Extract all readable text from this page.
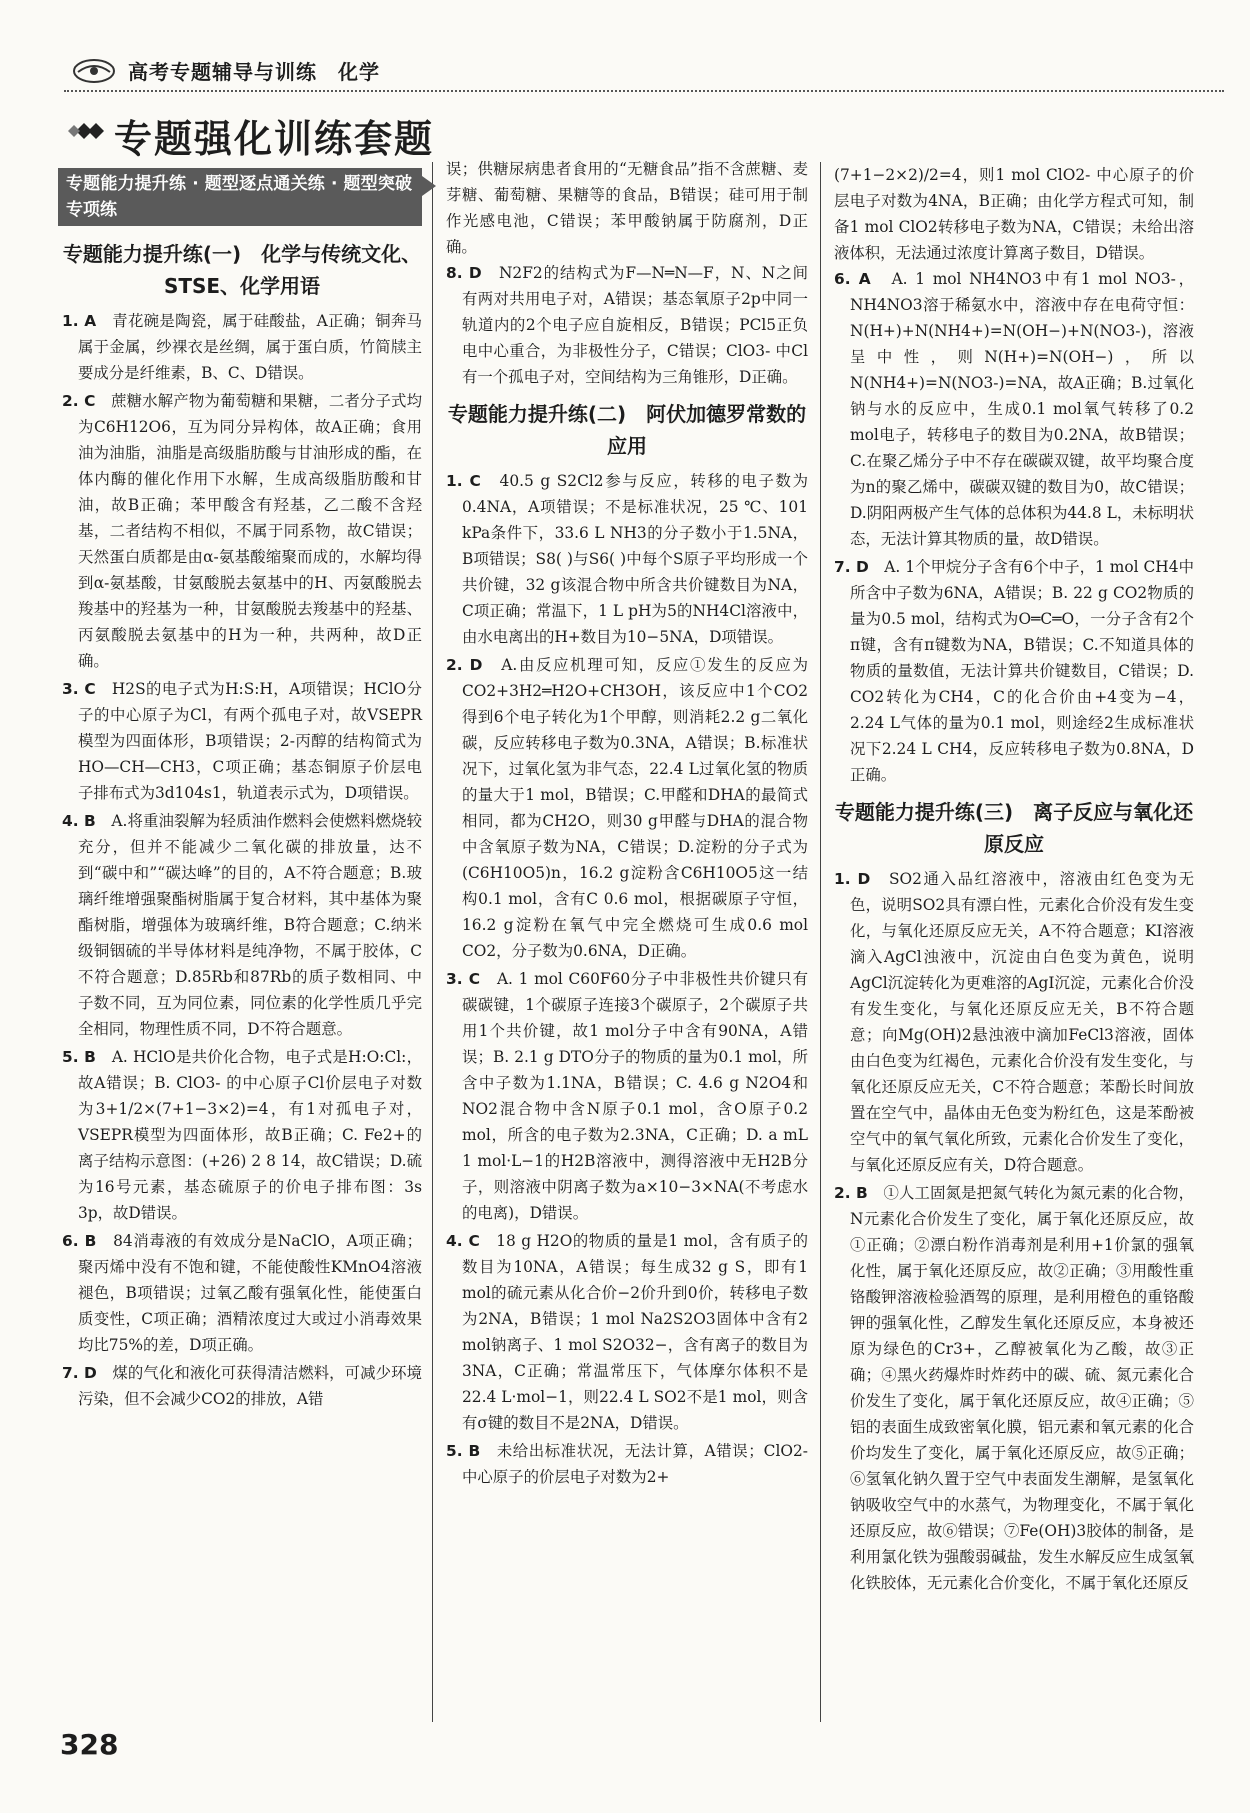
高考专题辅导与训练　化学
专题强化训练套题
专题能力提升练 · 题型逐点通关练 · 题型突破专项练
专题能力提升练(一)　化学与传统文化、STSE、化学用语
1. A　 青花碗是陶瓷，属于硅酸盐，A正确；铜奔马属于金属，纱裸衣是丝绸，属于蛋白质，竹简牍主要成分是纤维素，B、C、D错误。
2. C　 蔗糖水解产物为葡萄糖和果糖，二者分子式均为C6H12O6，互为同分异构体，故A正确；食用油为油脂，油脂是高级脂肪酸与甘油形成的酯，在体内酶的催化作用下水解，生成高级脂肪酸和甘油，故B正确；苯甲酸含有羟基，乙二酸不含羟基，二者结构不相似，不属于同系物，故C错误；天然蛋白质都是由α-氨基酸缩聚而成的，水解均得到α-氨基酸，甘氨酸脱去氨基中的H、丙氨酸脱去羧基中的羟基为一种，甘氨酸脱去羧基中的羟基、丙氨酸脱去氨基中的H为一种，共两种，故D正确。
3. C　 H2S的电子式为H:S:H，A项错误；HClO分子的中心原子为Cl，有两个孤电子对，故VSEPR模型为四面体形，B项错误；2-丙醇的结构简式为HO—CH—CH3，C项正确；基态铜原子价层电子排布式为3d104s1，轨道表示式为，D项错误。
4. B　 A.将重油裂解为轻质油作燃料会使燃料燃烧较充分，但并不能减少二氧化碳的排放量，达不到“碳中和”“碳达峰”的目的，A不符合题意；B.玻璃纤维增强聚酯树脂属于复合材料，其中基体为聚酯树脂，增强体为玻璃纤维，B符合题意；C.纳米级铜铟硫的半导体材料是纯净物，不属于胶体，C不符合题意；D.85Rb和87Rb的质子数相同、中子数不同，互为同位素，同位素的化学性质几乎完全相同，物理性质不同，D不符合题意。
5. B　 A. HClO是共价化合物，电子式是H:O:Cl:，故A错误；B. ClO3- 的中心原子Cl价层电子对数为3+1/2×(7+1−3×2)=4，有1对孤电子对，VSEPR模型为四面体形，故B正确；C. Fe2+的离子结构示意图：(+26) 2 8 14，故C错误；D.硫为16号元素，基态硫原子的价电子排布图：3s 3p，故D错误。
6. B　 84消毒液的有效成分是NaClO，A项正确；聚丙烯中没有不饱和键，不能使酸性KMnO4溶液褪色，B项错误；过氧乙酸有强氧化性，能使蛋白质变性，C项正确；酒精浓度过大或过小消毒效果均比75%的差，D项正确。
7. D　 煤的气化和液化可获得清洁燃料，可减少环境污染，但不会减少CO2的排放，A错
误；供糖尿病患者食用的“无糖食品”指不含蔗糖、麦芽糖、葡萄糖、果糖等的食品，B错误；硅可用于制作光感电池，C错误；苯甲酸钠属于防腐剂，D正确。
8. D　 N2F2的结构式为F—N═N—F，N、N之间有两对共用电子对，A错误；基态氧原子2p中同一轨道内的2个电子应自旋相反，B错误；PCl5正负电中心重合，为非极性分子，C错误；ClO3- 中Cl有一个孤电子对，空间结构为三角锥形，D正确。
专题能力提升练(二)　阿伏加德罗常数的应用
1. C　 40.5 g S2Cl2参与反应，转移的电子数为0.4NA，A项错误；不是标准状况，25 ℃、101 kPa条件下，33.6 L NH3的分子数小于1.5NA，B项错误；S8( )与S6( )中每个S原子平均形成一个共价键，32 g该混合物中所含共价键数目为NA，C项正确；常温下，1 L pH为5的NH4Cl溶液中，由水电离出的H+数目为10−5NA，D项错误。
2. D　 A.由反应机理可知，反应①发生的反应为CO2+3H2═H2O+CH3OH，该反应中1个CO2得到6个电子转化为1个甲醇，则消耗2.2 g二氧化碳，反应转移电子数为0.3NA，A错误；B.标准状况下，过氧化氢为非气态，22.4 L过氧化氢的物质的量大于1 mol，B错误；C.甲醛和DHA的最简式相同，都为CH2O，则30 g甲醛与DHA的混合物中含氧原子数为NA，C错误；D.淀粉的分子式为(C6H10O5)n，16.2 g淀粉含C6H10O5这一结构0.1 mol，含有C 0.6 mol，根据碳原子守恒，16.2 g淀粉在氧气中完全燃烧可生成0.6 mol CO2，分子数为0.6NA，D正确。
3. C　 A. 1 mol C60F60分子中非极性共价键只有碳碳键，1个碳原子连接3个碳原子，2个碳原子共用1个共价键，故1 mol分子中含有90NA，A错误；B. 2.1 g DTO分子的物质的量为0.1 mol，所含中子数为1.1NA，B错误；C. 4.6 g N2O4和NO2混合物中含N原子0.1 mol，含O原子0.2 mol，所含的电子数为2.3NA，C正确；D. a mL 1 mol·L−1的H2B溶液中，测得溶液中无H2B分子，则溶液中阴离子数为a×10−3×NA(不考虑水的电离)，D错误。
4. C　 18 g H2O的物质的量是1 mol，含有质子的数目为10NA，A错误；每生成32 g S，即有1 mol的硫元素从化合价−2价升到0价，转移电子数为2NA，B错误；1 mol Na2S2O3固体中含有2 mol钠离子、1 mol S2O32−，含有离子的数目为3NA，C正确；常温常压下，气体摩尔体积不是22.4 L·mol−1，则22.4 L SO2不是1 mol，则含有σ键的数目不是2NA，D错误。
5. B　 未给出标准状况，无法计算，A错误；ClO2- 中心原子的价层电子对数为2+
(7+1−2×2)/2=4，则1 mol ClO2- 中心原子的价层电子对数为4NA，B正确；由化学方程式可知，制备1 mol ClO2转移电子数为NA，C错误；未给出溶液体积，无法通过浓度计算离子数目，D错误。
6. A　 A. 1 mol NH4NO3中有1 mol NO3-，NH4NO3溶于稀氨水中，溶液中存在电荷守恒：N(H+)+N(NH4+)=N(OH−)+N(NO3-)，溶液呈中性，则N(H+)=N(OH−)，所以N(NH4+)=N(NO3-)=NA，故A正确；B.过氧化钠与水的反应中，生成0.1 mol氧气转移了0.2 mol电子，转移电子的数目为0.2NA，故B错误；C.在聚乙烯分子中不存在碳碳双键，故平均聚合度为n的聚乙烯中，碳碳双键的数目为0，故C错误；D.阴阳两极产生气体的总体积为44.8 L，未标明状态，无法计算其物质的量，故D错误。
7. D　 A. 1个甲烷分子含有6个中子，1 mol CH4中所含中子数为6NA，A错误；B. 22 g CO2物质的量为0.5 mol，结构式为O═C═O，一分子含有2个π键，含有π键数为NA，B错误；C.不知道具体的物质的量数值，无法计算共价键数目，C错误；D. CO2转化为CH4，C的化合价由+4变为−4，2.24 L气体的量为0.1 mol，则途经2生成标准状况下2.24 L CH4，反应转移电子数为0.8NA，D正确。
专题能力提升练(三)　离子反应与氧化还原反应
1. D　 SO2通入品红溶液中，溶液由红色变为无色，说明SO2具有漂白性，元素化合价没有发生变化，与氧化还原反应无关，A不符合题意；KI溶液滴入AgCl浊液中，沉淀由白色变为黄色，说明AgCl沉淀转化为更难溶的AgI沉淀，元素化合价没有发生变化，与氧化还原反应无关，B不符合题意；向Mg(OH)2悬浊液中滴加FeCl3溶液，固体由白色变为红褐色，元素化合价没有发生变化，与氧化还原反应无关，C不符合题意；苯酚长时间放置在空气中，晶体由无色变为粉红色，这是苯酚被空气中的氧气氧化所致，元素化合价发生了变化，与氧化还原反应有关，D符合题意。
2. B　 ①人工固氮是把氮气转化为氮元素的化合物，N元素化合价发生了变化，属于氧化还原反应，故①正确；②漂白粉作消毒剂是利用+1价氯的强氧化性，属于氧化还原反应，故②正确；③用酸性重铬酸钾溶液检验酒驾的原理，是利用橙色的重铬酸钾的强氧化性，乙醇发生氧化还原反应，本身被还原为绿色的Cr3+，乙醇被氧化为乙酸，故③正确；④黑火药爆炸时炸药中的碳、硫、氮元素化合价发生了变化，属于氧化还原反应，故④正确；⑤铝的表面生成致密氧化膜，铝元素和氧元素的化合价均发生了变化，属于氧化还原反应，故⑤正确；⑥氢氧化钠久置于空气中表面发生潮解，是氢氧化钠吸收空气中的水蒸气，为物理变化，不属于氧化还原反应，故⑥错误；⑦Fe(OH)3胶体的制备，是利用氯化铁为强酸弱碱盐，发生水解反应生成氢氧化铁胶体，无元素化合价变化，不属于氧化还原反
328
